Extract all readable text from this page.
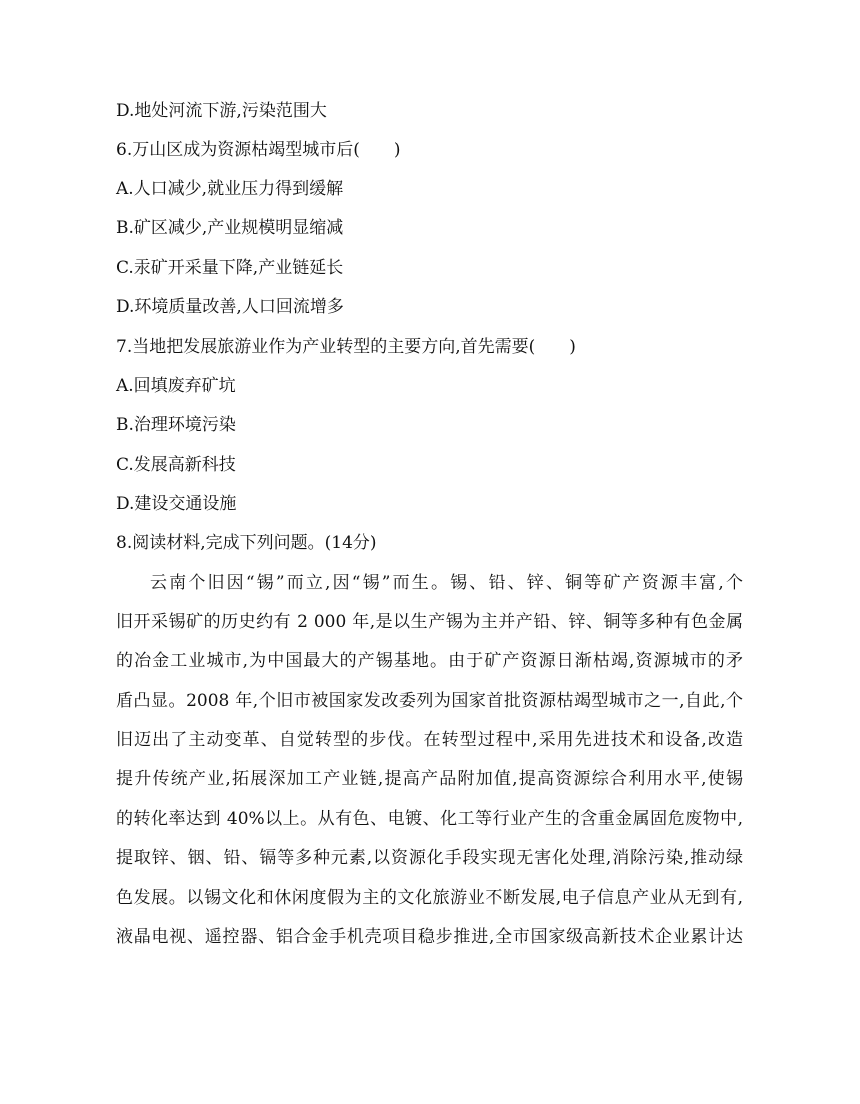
D.地处河流下游,污染范围大
6.万山区成为资源枯竭型城市后(　　)
A.人口减少,就业压力得到缓解
B.矿区减少,产业规模明显缩减
C.汞矿开采量下降,产业链延长
D.环境质量改善,人口回流增多
7.当地把发展旅游业作为产业转型的主要方向,首先需要(　　)
A.回填废弃矿坑
B.治理环境污染
C.发展高新科技
D.建设交通设施
8.阅读材料,完成下列问题。(14分)
云南个旧因“锡”而立,因“锡”而生。锡、铅、锌、铜等矿产资源丰富,个
旧开采锡矿的历史约有 2 000 年,是以生产锡为主并产铅、锌、铜等多种有色金属
的冶金工业城市,为中国最大的产锡基地。由于矿产资源日渐枯竭,资源城市的矛
盾凸显。2008 年,个旧市被国家发改委列为国家首批资源枯竭型城市之一,自此,个
旧迈出了主动变革、自觉转型的步伐。在转型过程中,采用先进技术和设备,改造
提升传统产业,拓展深加工产业链,提高产品附加值,提高资源综合利用水平,使锡
的转化率达到 40%以上。从有色、电镀、化工等行业产生的含重金属固危废物中,
提取锌、铟、铅、镉等多种元素,以资源化手段实现无害化处理,消除污染,推动绿
色发展。以锡文化和休闲度假为主的文化旅游业不断发展,电子信息产业从无到有,
液晶电视、遥控器、铝合金手机壳项目稳步推进,全市国家级高新技术企业累计达
